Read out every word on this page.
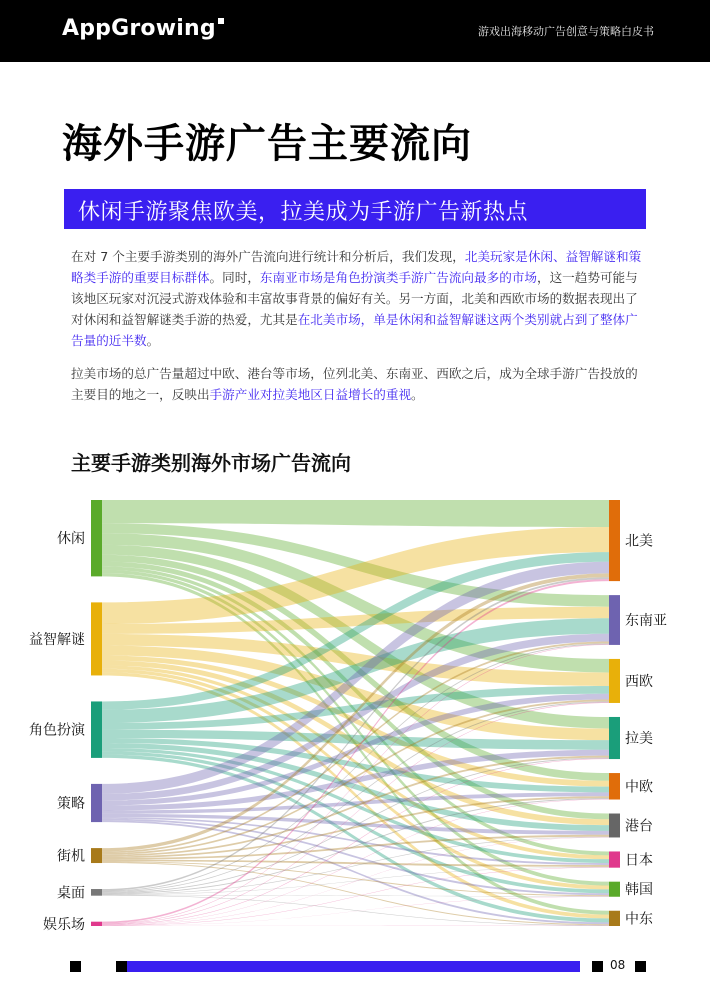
AppGrowing	游戏出海移动广告创意与策略白皮书
海外手游广告主要流向
休闲手游聚焦欧美，拉美成为手游广告新热点

在对 7 个主要手游类别的海外广告流向进行统计和分析后，我们发现，北美玩家是休闲、益智解谜和策略类手游的重要目标群体。同时，东南亚市场是角色扮演类手游广告流向最多的市场，这一趋势可能与该地区玩家对沉浸式游戏体验和丰富故事背景的偏好有关。另一方面，北美和西欧市场的数据表现出了对休闲和益智解谜类手游的热爱，尤其是在北美市场，单是休闲和益智解谜这两个类别就占到了整体广告量的近半数。

拉美市场的总广告量超过中欧、港台等市场，位列北美、东南亚、西欧之后，成为全球手游广告投放的主要目的地之一，反映出手游产业对拉美地区日益增长的重视。

主要手游类别海外市场广告流向
休闲
益智解谜
角色扮演
策略
街机
桌面
娱乐场
北美
东南亚
西欧
拉美
中欧
港台
日本
韩国
中东
08
